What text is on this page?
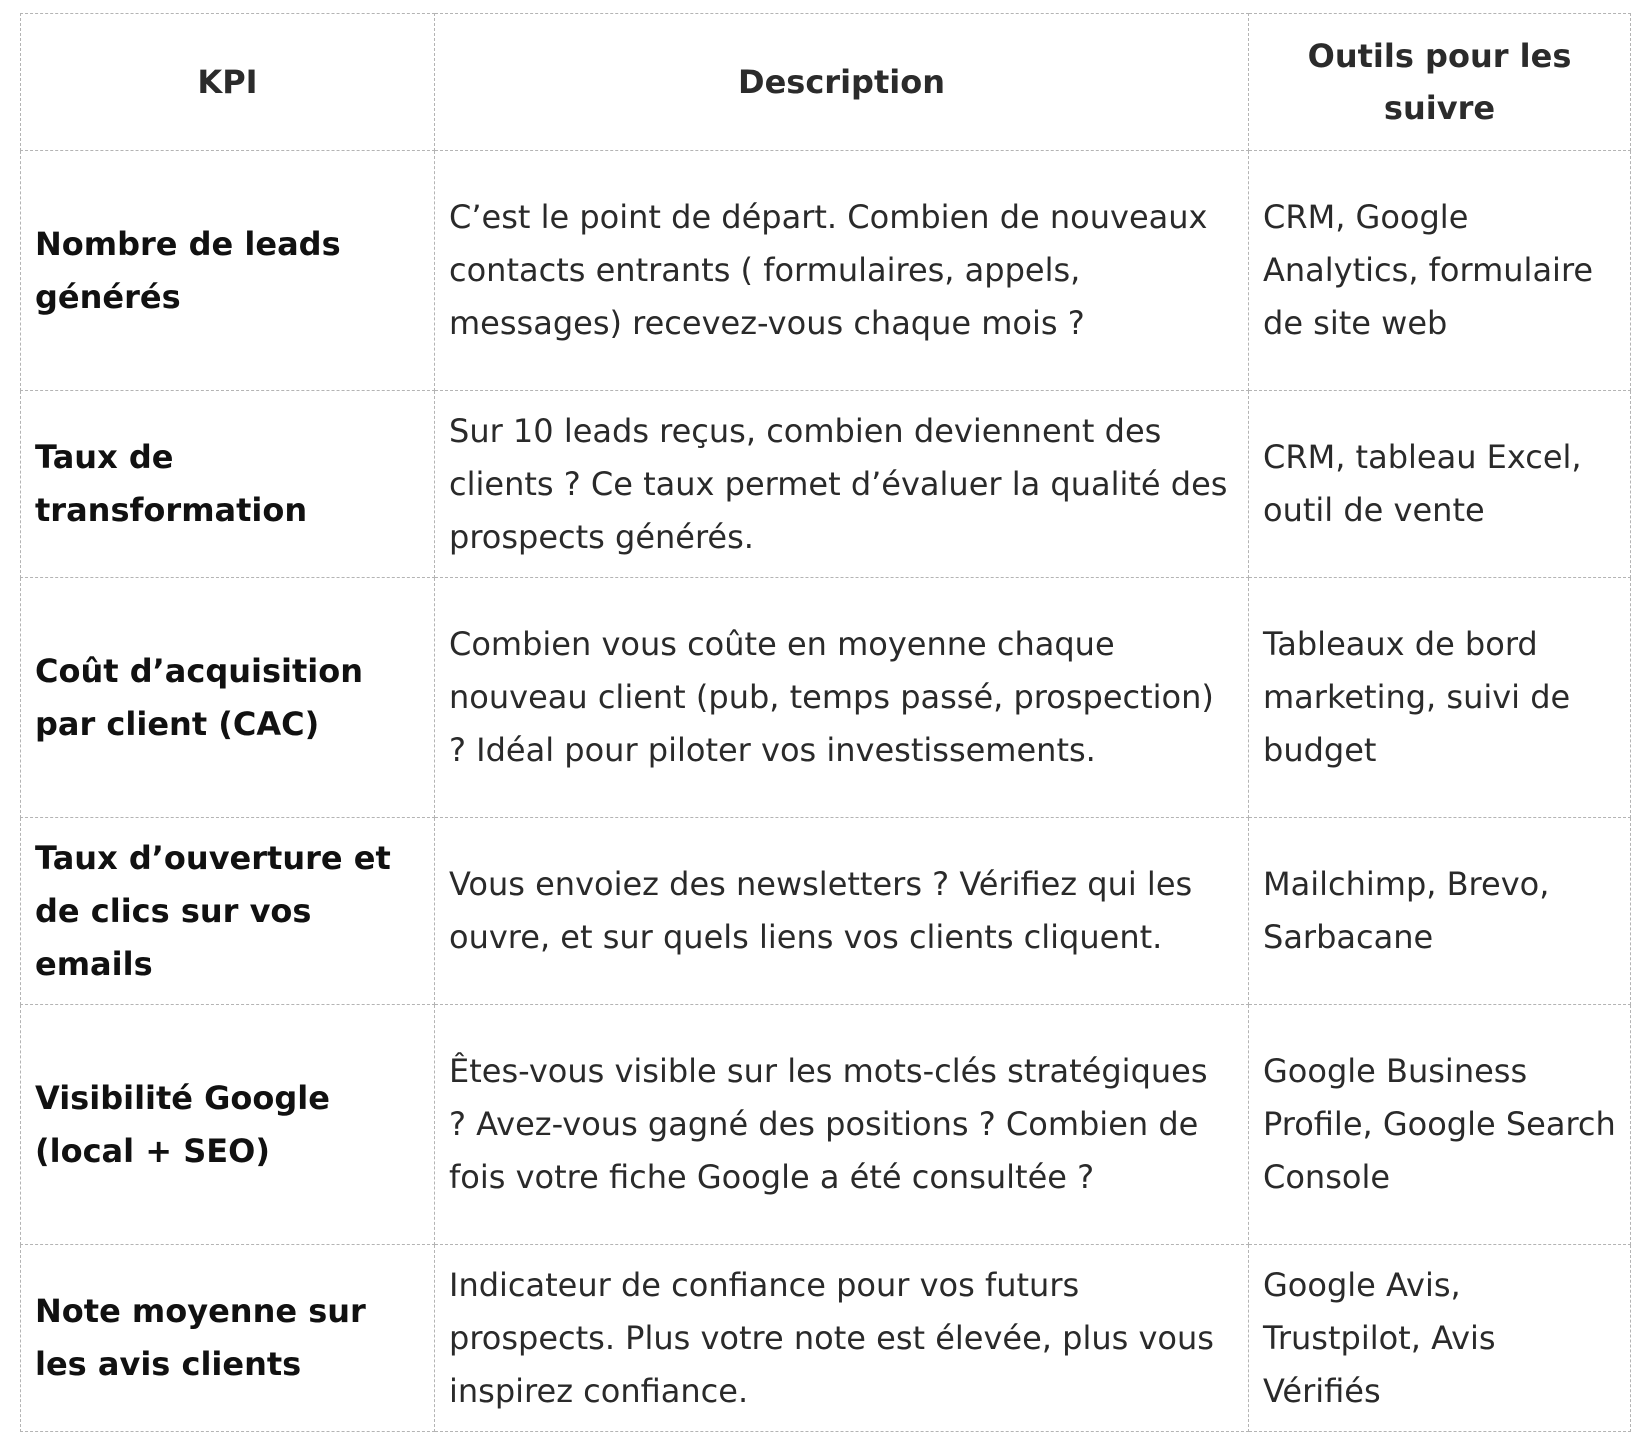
KPI	Description	Outils pour les suivre
Nombre de leads générés	C’est le point de départ. Combien de nouveaux contacts entrants ( formulaires, appels, messages) recevez-vous chaque mois ?	CRM, Google Analytics, formulaire de site web
Taux de transformation	Sur 10 leads reçus, combien deviennent des clients ? Ce taux permet d’évaluer la qualité des prospects générés.	CRM, tableau Excel, outil de vente
Coût d’acquisition par client (CAC)	Combien vous coûte en moyenne chaque nouveau client (pub, temps passé, prospection) ? Idéal pour piloter vos investissements.	Tableaux de bord marketing, suivi de budget
Taux d’ouverture et de clics sur vos emails	Vous envoiez des newsletters ? Vérifiez qui les ouvre, et sur quels liens vos clients cliquent.	Mailchimp, Brevo, Sarbacane
Visibilité Google (local + SEO)	Êtes-vous visible sur les mots-clés stratégiques ? Avez-vous gagné des positions ? Combien de fois votre fiche Google a été consultée ?	Google Business Profile, Google Search Console
Note moyenne sur les avis clients	Indicateur de confiance pour vos futurs prospects. Plus votre note est élevée, plus vous inspirez confiance.	Google Avis, Trustpilot, Avis Vérifiés
